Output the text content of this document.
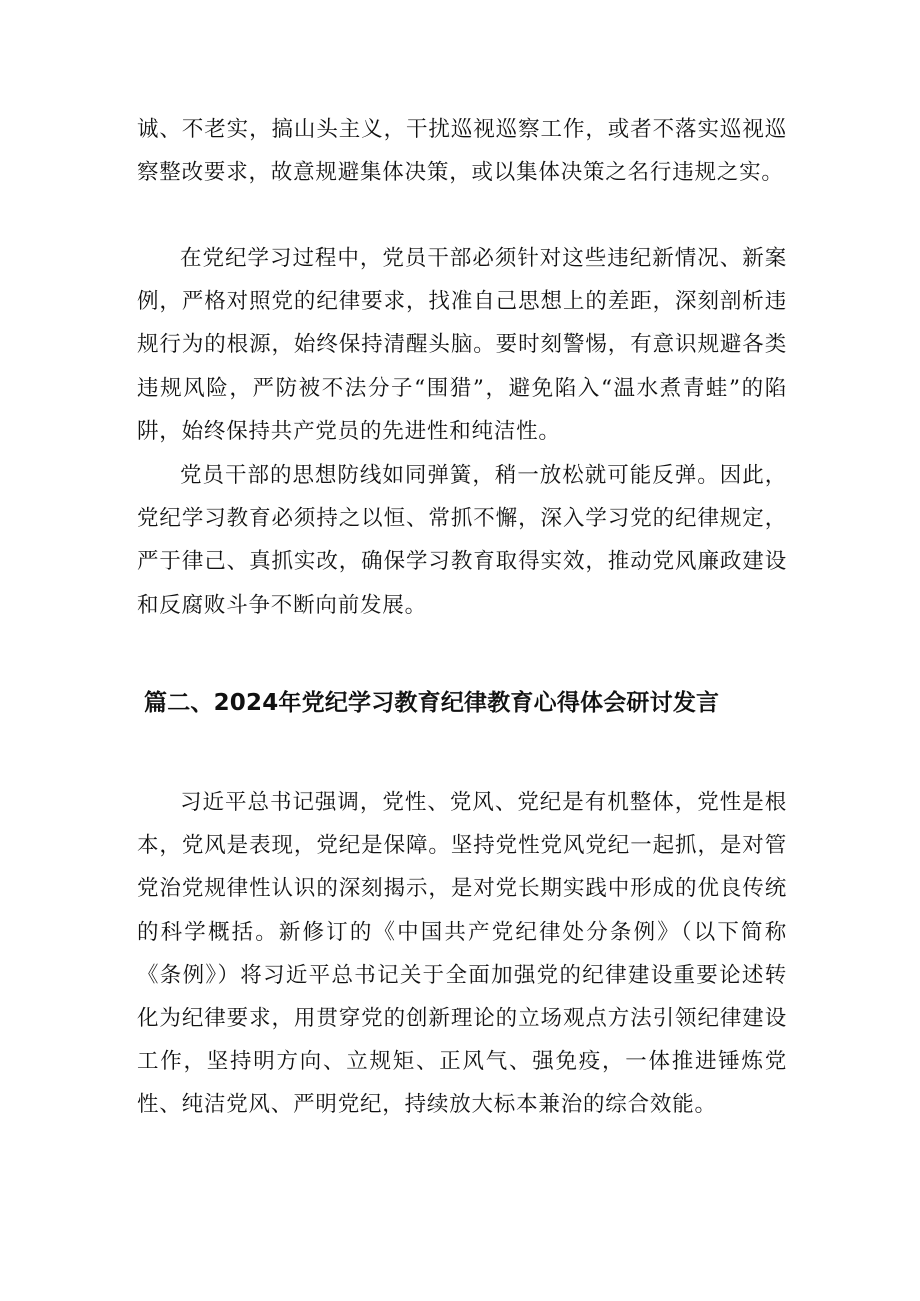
诚、不老实，搞山头主义，干扰巡视巡察工作，或者不落实巡视巡察整改要求，故意规避集体决策，或以集体决策之名行违规之实。
在党纪学习过程中，党员干部必须针对这些违纪新情况、新案例，严格对照党的纪律要求，找准自己思想上的差距，深刻剖析违规行为的根源，始终保持清醒头脑。要时刻警惕，有意识规避各类违规风险，严防被不法分子“围猎”，避免陷入“温水煮青蛙”的陷阱，始终保持共产党员的先进性和纯洁性。
党员干部的思想防线如同弹簧，稍一放松就可能反弹。因此，党纪学习教育必须持之以恒、常抓不懈，深入学习党的纪律规定，严于律己、真抓实改，确保学习教育取得实效，推动党风廉政建设和反腐败斗争不断向前发展。
篇二、2024年党纪学习教育纪律教育心得体会研讨发言
习近平总书记强调，党性、党风、党纪是有机整体，党性是根本，党风是表现，党纪是保障。坚持党性党风党纪一起抓，是对管党治党规律性认识的深刻揭示，是对党长期实践中形成的优良传统的科学概括。新修订的《中国共产党纪律处分条例》（以下简称《条例》）将习近平总书记关于全面加强党的纪律建设重要论述转化为纪律要求，用贯穿党的创新理论的立场观点方法引领纪律建设工作，坚持明方向、立规矩、正风气、强免疫，一体推进锤炼党性、纯洁党风、严明党纪，持续放大标本兼治的综合效能。
